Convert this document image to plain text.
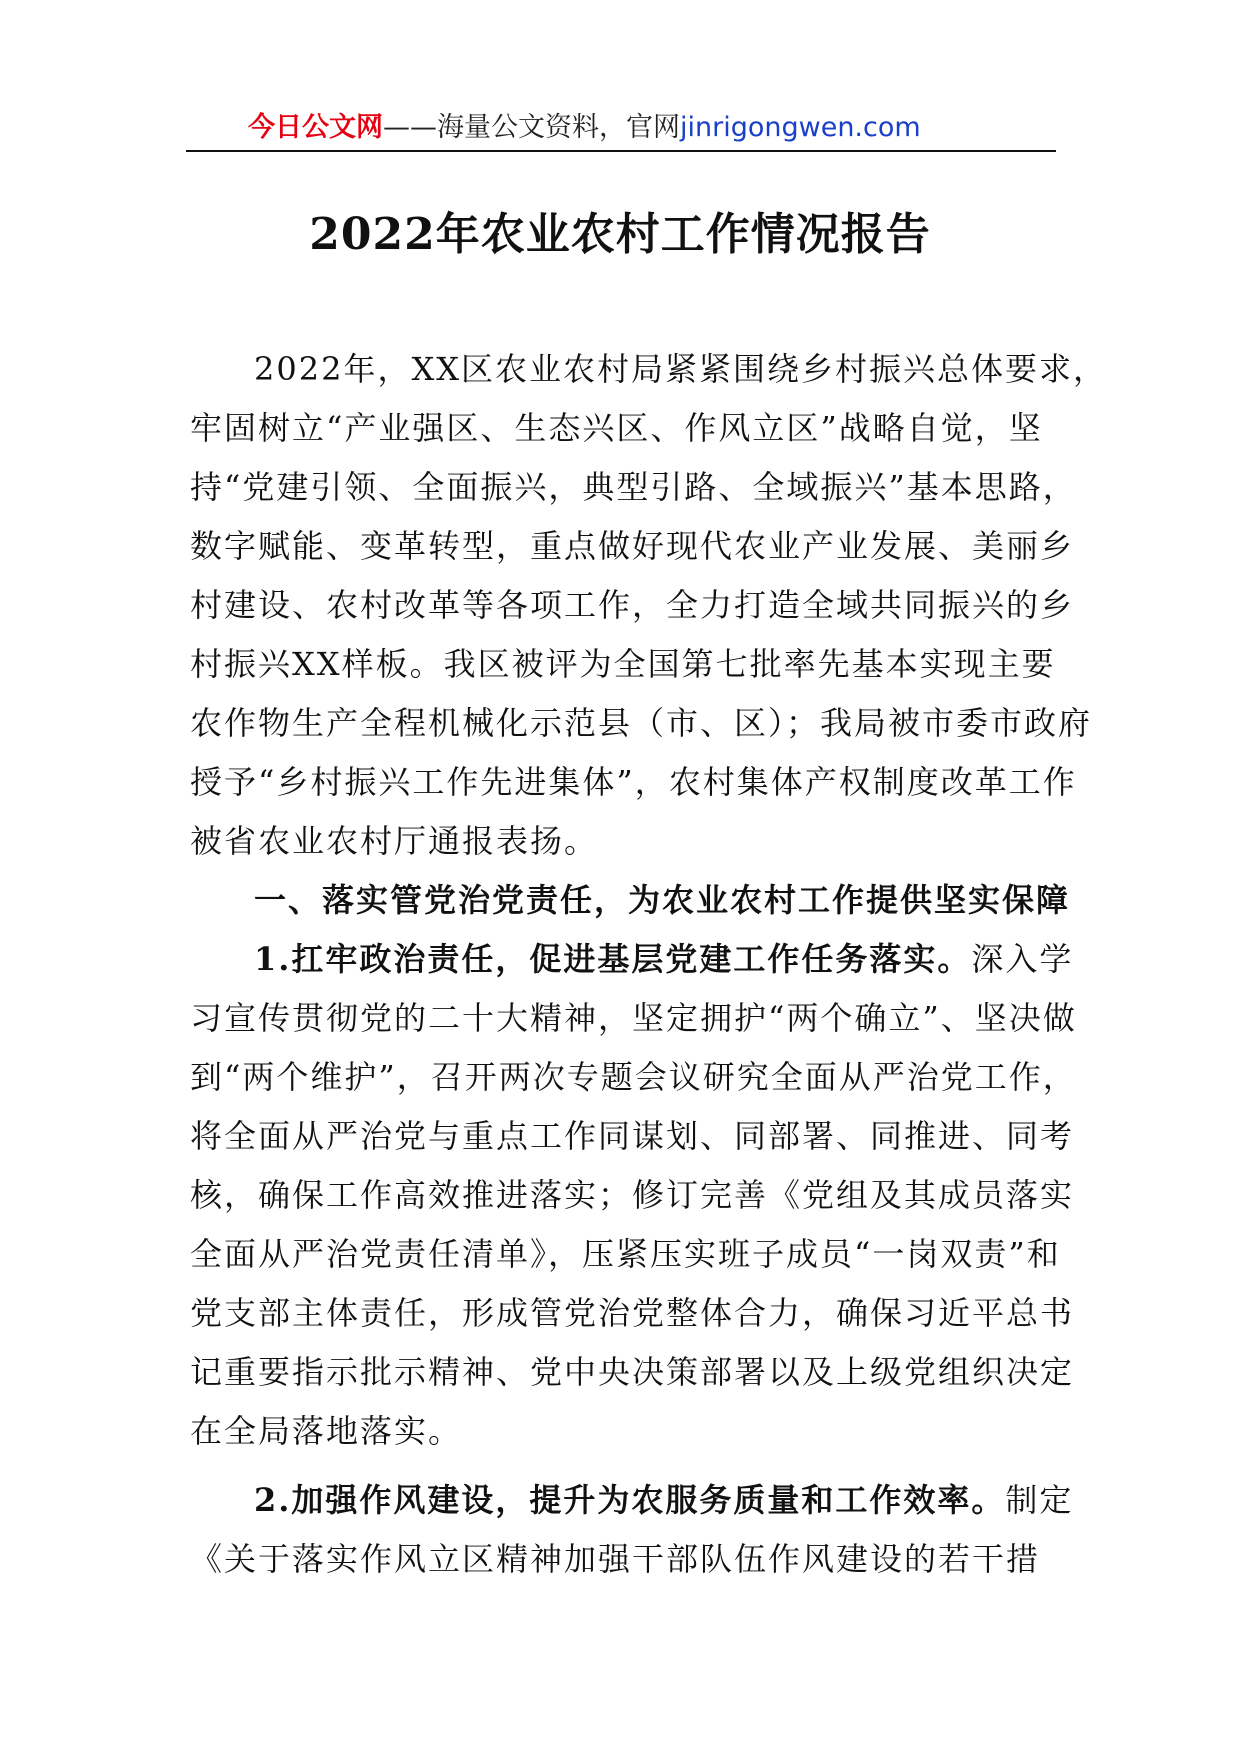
今日公文网——海量公文资料，官网jinrigongwen.com
2022年农业农村工作情况报告
2022年，XX区农业农村局紧紧围绕乡村振兴总体要求，
牢固树立“产业强区、生态兴区、作风立区”战略自觉，坚
持“党建引领、全面振兴，典型引路、全域振兴”基本思路，
数字赋能、变革转型，重点做好现代农业产业发展、美丽乡
村建设、农村改革等各项工作，全力打造全域共同振兴的乡
村振兴XX样板。我区被评为全国第七批率先基本实现主要
农作物生产全程机械化示范县（市、区）；我局被市委市政府
授予“乡村振兴工作先进集体”，农村集体产权制度改革工作
被省农业农村厅通报表扬。
一、落实管党治党责任，为农业农村工作提供坚实保障
1.扛牢政治责任，促进基层党建工作任务落实。深入学
习宣传贯彻党的二十大精神，坚定拥护“两个确立”、坚决做
到“两个维护”，召开两次专题会议研究全面从严治党工作，
将全面从严治党与重点工作同谋划、同部署、同推进、同考
核，确保工作高效推进落实；修订完善《党组及其成员落实
全面从严治党责任清单》，压紧压实班子成员“一岗双责”和
党支部主体责任，形成管党治党整体合力，确保习近平总书
记重要指示批示精神、党中央决策部署以及上级党组织决定
在全局落地落实。
2.加强作风建设，提升为农服务质量和工作效率。制定
《关于落实作风立区精神加强干部队伍作风建设的若干措
